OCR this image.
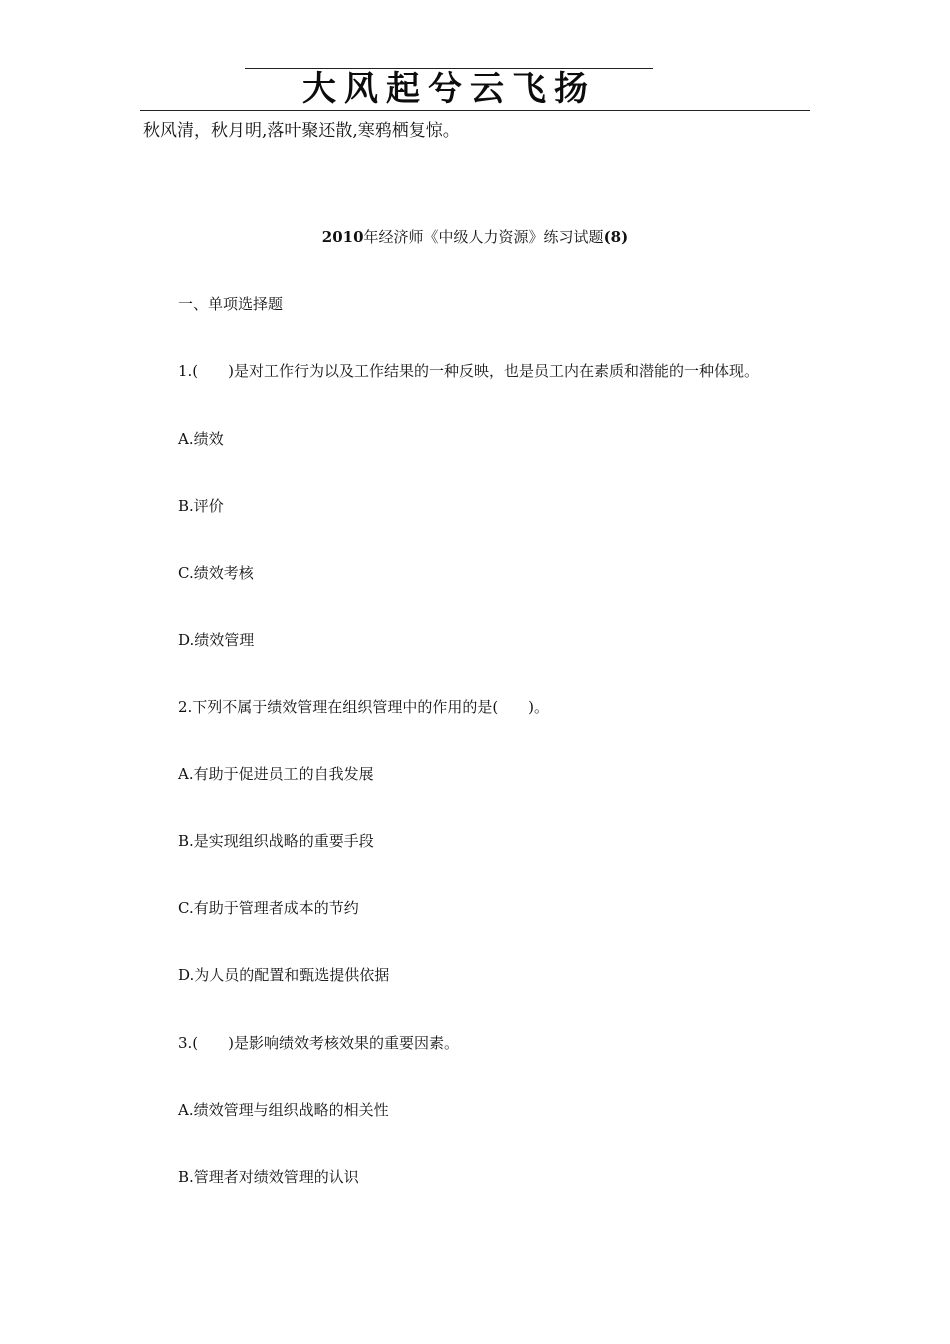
大风起兮云飞扬
秋风清，秋月明,落叶聚还散,寒鸦栖复惊。
2010年经济师《中级人力资源》练习试题(8)
一、单项选择题
1.(　　)是对工作行为以及工作结果的一种反映，也是员工内在素质和潜能的一种体现。
A.绩效
B.评价
C.绩效考核
D.绩效管理
2.下列不属于绩效管理在组织管理中的作用的是(　　)。
A.有助于促进员工的自我发展
B.是实现组织战略的重要手段
C.有助于管理者成本的节约
D.为人员的配置和甄选提供依据
3.(　　)是影响绩效考核效果的重要因素。
A.绩效管理与组织战略的相关性
B.管理者对绩效管理的认识
